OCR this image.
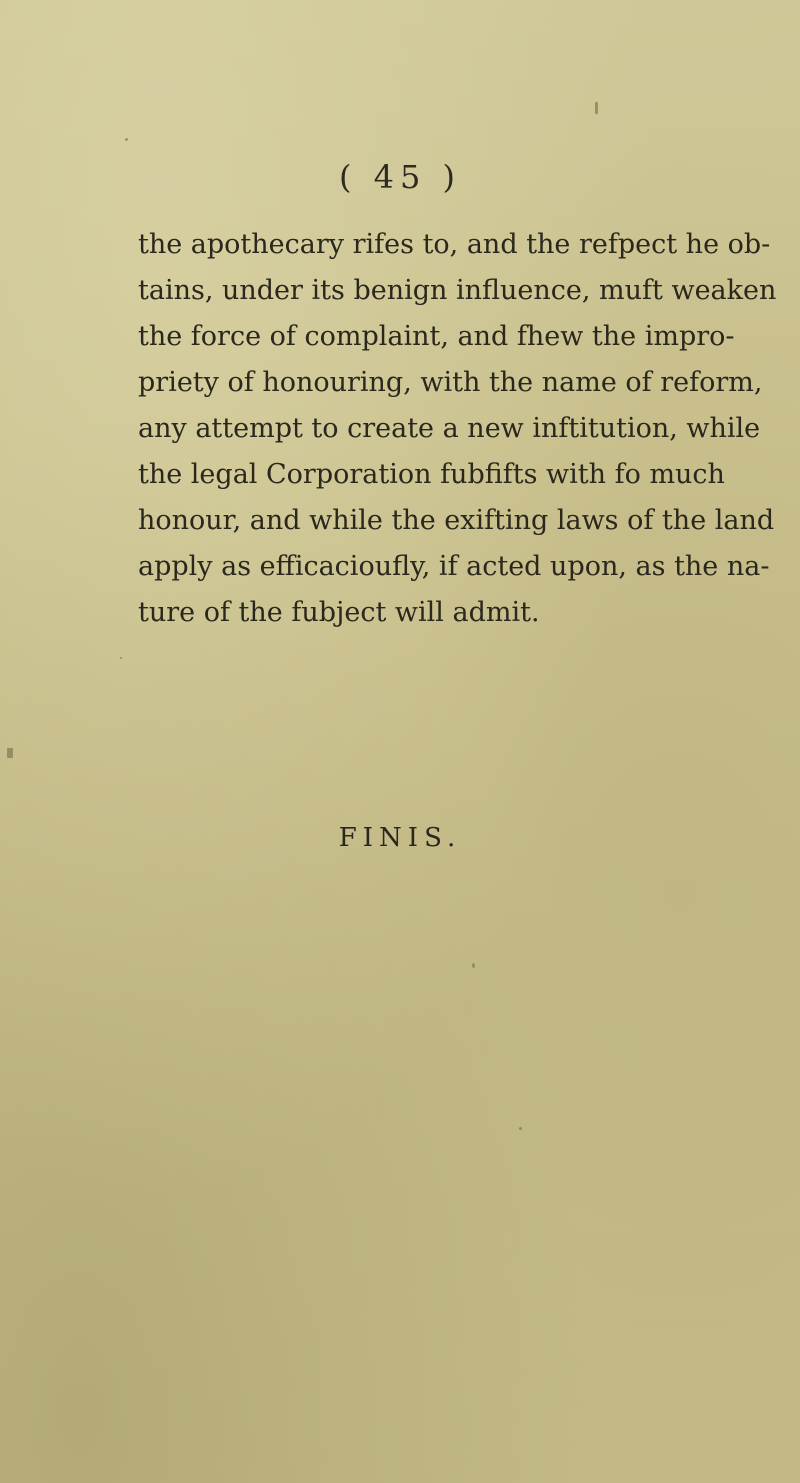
( 45 )
the apothecary rifes to, and the refpect he ob-
tains, under its benign influence, muft weaken
the force of complaint, and fhew the impro-
priety of honouring, with the name of reform,
any attempt to create a new inftitution, while
the legal Corporation fubfifts with fo much
honour, and while the exifting laws of the land
apply as efficacioufly, if acted upon, as the na-
ture of the fubject will admit.
FINIS.
